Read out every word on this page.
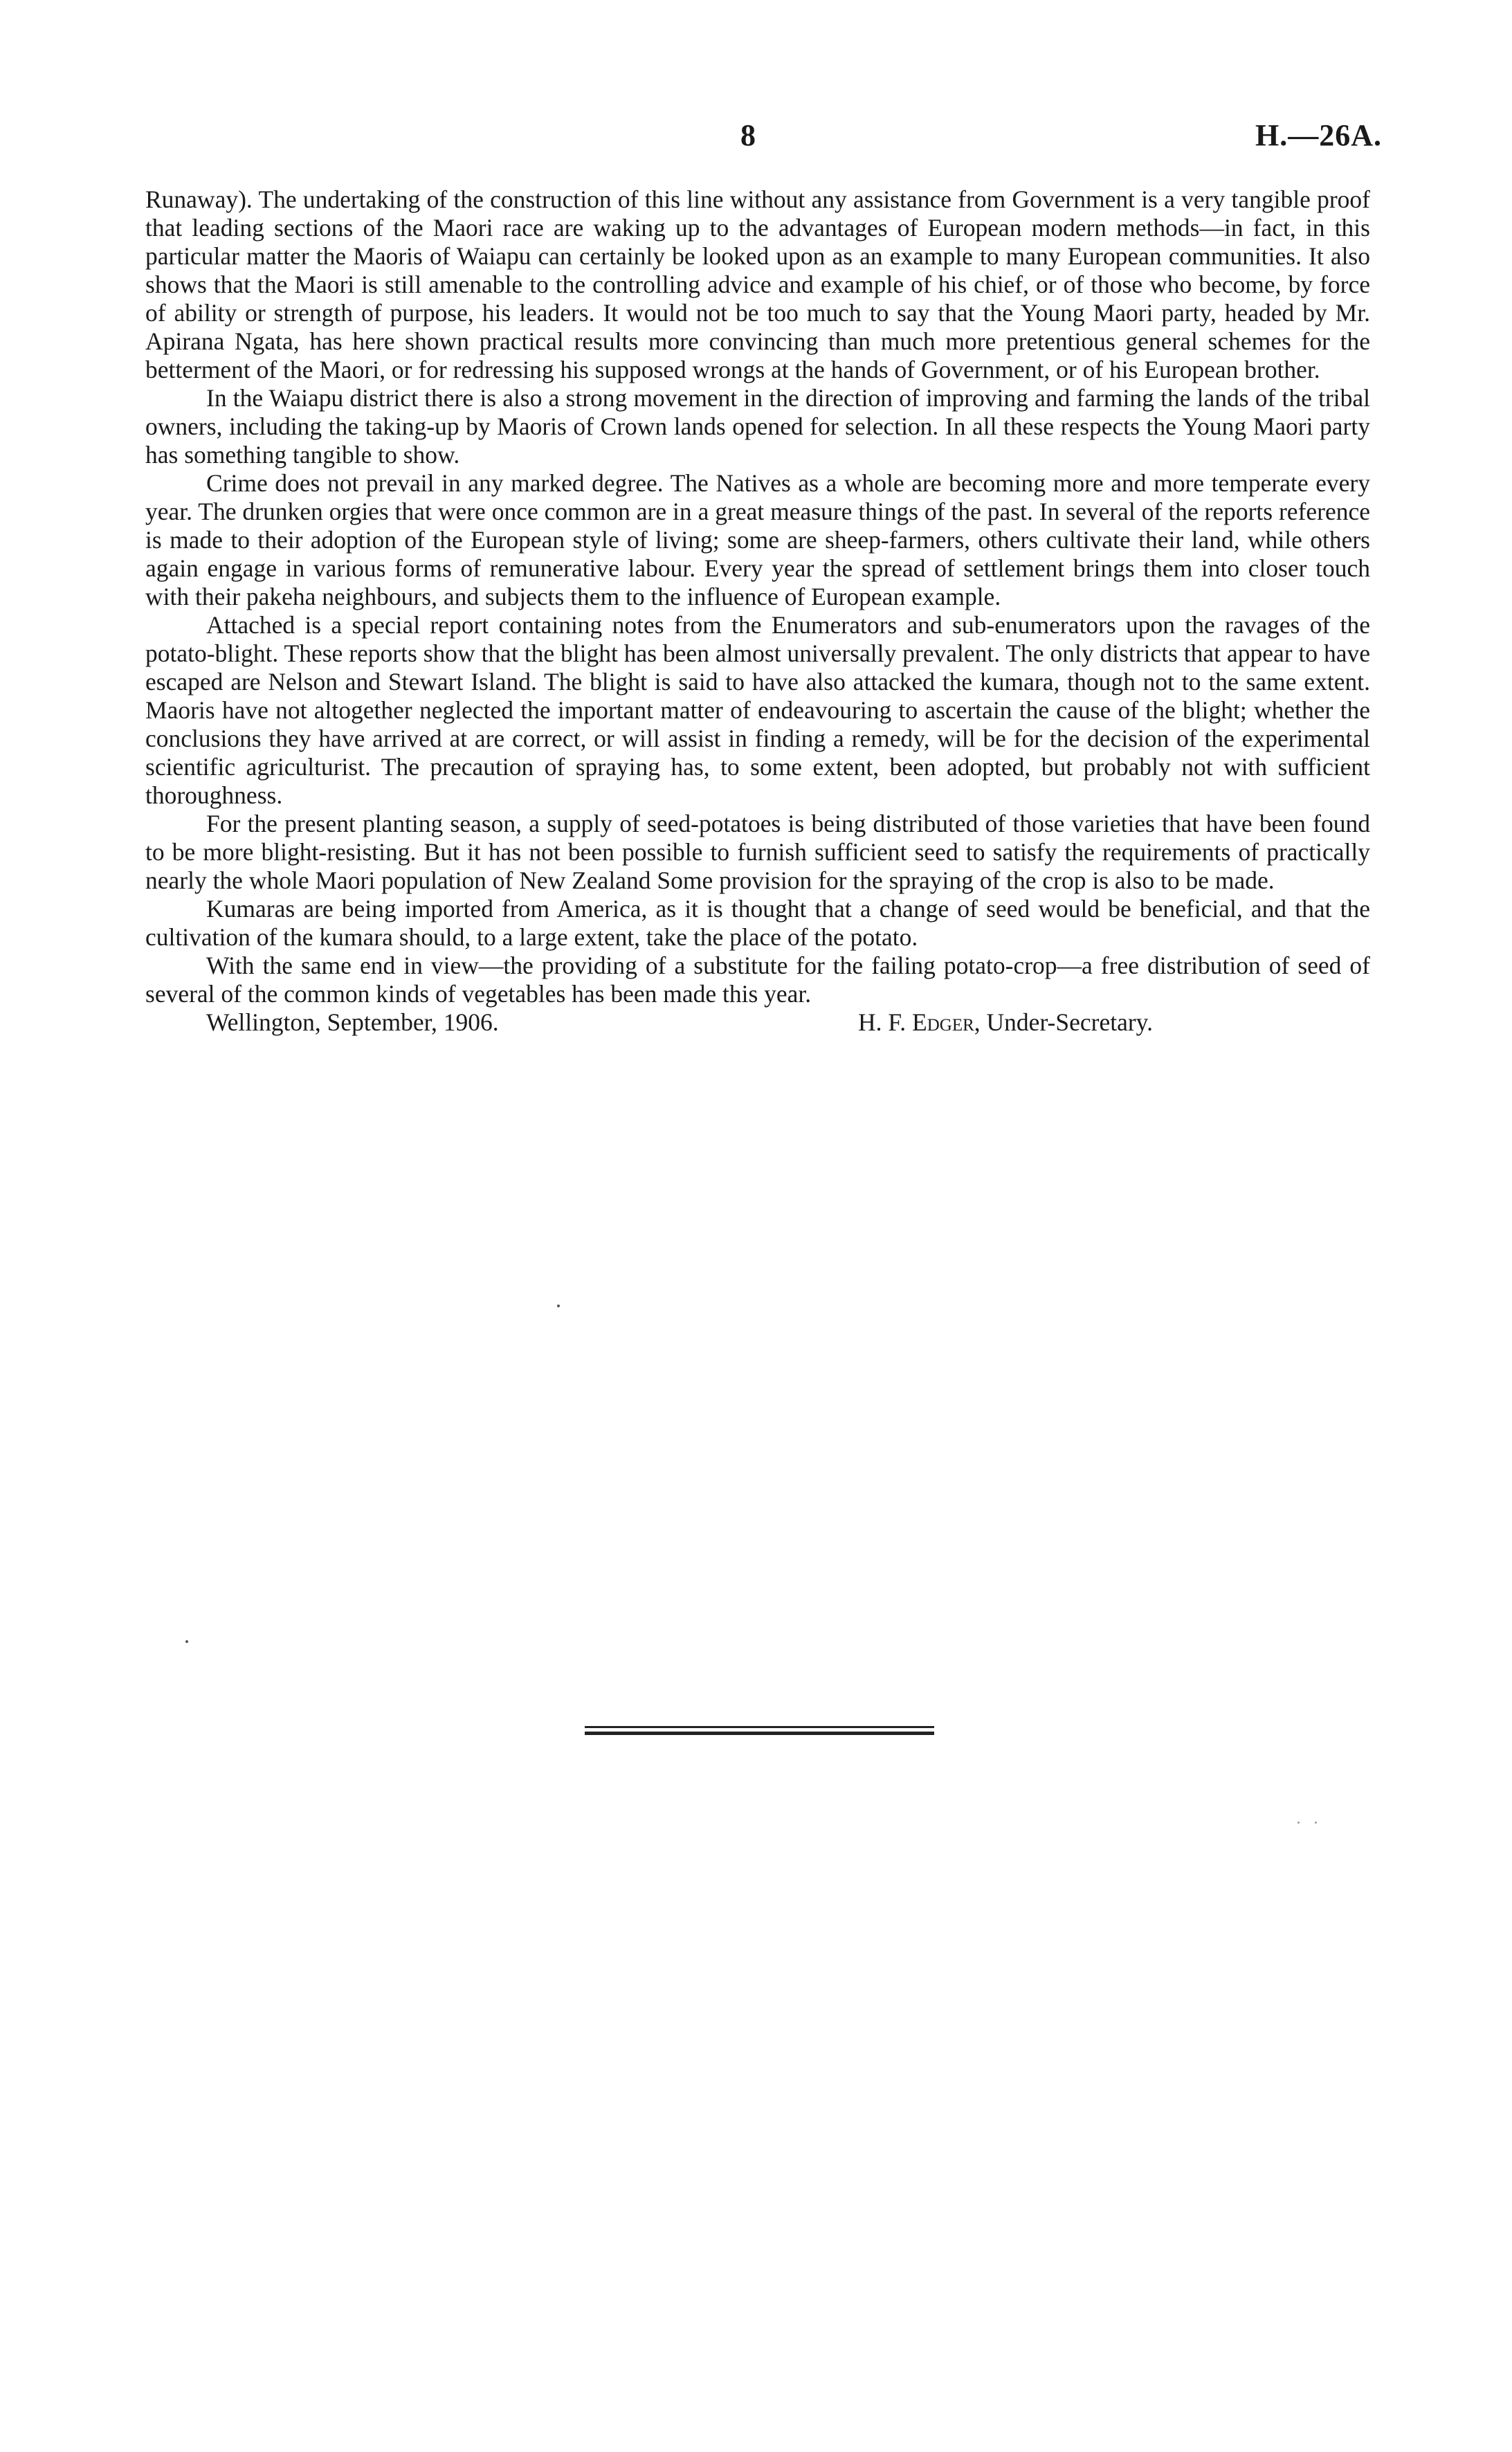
8	H.—26A.

Runaway). The undertaking of the construction of this line without any assistance from Government is a very tangible proof that leading sections of the Maori race are waking up to the advantages of European modern methods—in fact, in this particular matter the Maoris of Waiapu can certainly be looked upon as an example to many European communities. It also shows that the Maori is still amenable to the controlling advice and example of his chief, or of those who become, by force of ability or strength of purpose, his leaders. It would not be too much to say that the Young Maori party, headed by Mr. Apirana Ngata, has here shown practical results more convincing than much more pretentious general schemes for the betterment of the Maori, or for redressing his supposed wrongs at the hands of Government, or of his European brother.

In the Waiapu district there is also a strong movement in the direction of improving and farming the lands of the tribal owners, including the taking-up by Maoris of Crown lands opened for selection. In all these respects the Young Maori party has something tangible to show.

Crime does not prevail in any marked degree. The Natives as a whole are becoming more and more temperate every year. The drunken orgies that were once common are in a great measure things of the past. In several of the reports reference is made to their adoption of the European style of living; some are sheep-farmers, others cultivate their land, while others again engage in various forms of remunerative labour. Every year the spread of settlement brings them into closer touch with their pakeha neighbours, and subjects them to the influence of European example.

Attached is a special report containing notes from the Enumerators and sub-enumerators upon the ravages of the potato-blight. These reports show that the blight has been almost universally prevalent. The only districts that appear to have escaped are Nelson and Stewart Island. The blight is said to have also attacked the kumara, though not to the same extent. Maoris have not altogether neglected the important matter of endeavouring to ascertain the cause of the blight; whether the conclusions they have arrived at are correct, or will assist in finding a remedy, will be for the decision of the experimental scientific agriculturist. The precaution of spraying has, to some extent, been adopted, but probably not with sufficient thoroughness.

For the present planting season, a supply of seed-potatoes is being distributed of those varieties that have been found to be more blight-resisting. But it has not been possible to furnish sufficient seed to satisfy the requirements of practically nearly the whole Maori population of New Zealand Some provision for the spraying of the crop is also to be made.

Kumaras are being imported from America, as it is thought that a change of seed would be beneficial, and that the cultivation of the kumara should, to a large extent, take the place of the potato.

With the same end in view—the providing of a substitute for the failing potato-crop—a free distribution of seed of several of the common kinds of vegetables has been made this year.

Wellington, September, 1906.	H. F. Edger, Under-Secretary.
